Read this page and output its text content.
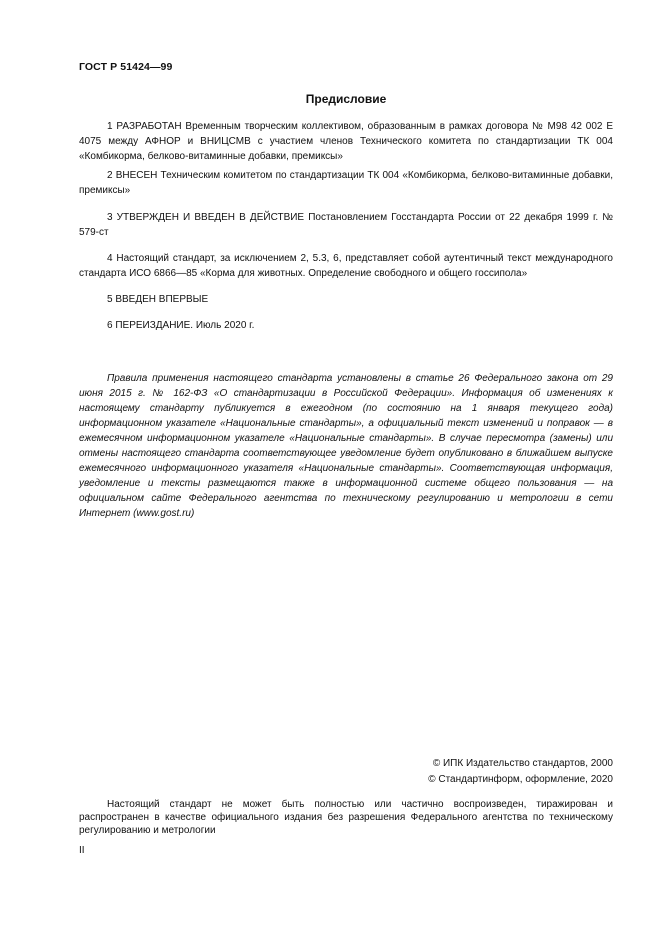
ГОСТ Р 51424—99
Предисловие

1 РАЗРАБОТАН Временным творческим коллективом, образованным в рамках договора № М98 42 002 Е 4075 между АФНОР и ВНИЦСМВ с участием членов Технического комитета по стандартизации ТК 004 «Комбикорма, белково-витаминные добавки, премиксы»

2 ВНЕСЕН Техническим комитетом по стандартизации ТК 004 «Комбикорма, белково-витаминные добавки, премиксы»

3 УТВЕРЖДЕН И ВВЕДЕН В ДЕЙСТВИЕ Постановлением Госстандарта России от 22 декабря 1999 г. № 579-ст

4 Настоящий стандарт, за исключением 2, 5.3, 6, представляет собой аутентичный текст международного стандарта ИСО 6866—85 «Корма для животных. Определение свободного и общего госсипола»

5 ВВЕДЕН ВПЕРВЫЕ

6 ПЕРЕИЗДАНИЕ. Июль 2020 г.

Правила применения настоящего стандарта установлены в статье 26 Федерального закона от 29 июня 2015 г. № 162-ФЗ «О стандартизации в Российской Федерации». Информация об изменениях к настоящему стандарту публикуется в ежегодном (по состоянию на 1 января текущего года) информационном указателе «Национальные стандарты», а официальный текст изменений и поправок — в ежемесячном информационном указателе «Национальные стандарты». В случае пересмотра (замены) или отмены настоящего стандарта соответствующее уведомление будет опубликовано в ближайшем выпуске ежемесячного информационного указателя «Национальные стандарты». Соответствующая информация, уведомление и тексты размещаются также в информационной системе общего пользования — на официальном сайте Федерального агентства по техническому регулированию и метрологии в сети Интернет (www.gost.ru)

© ИПК Издательство стандартов, 2000
© Стандартинформ, оформление, 2020

Настоящий стандарт не может быть полностью или частично воспроизведен, тиражирован и распространен в качестве официального издания без разрешения Федерального агентства по техническому регулированию и метрологии

II
